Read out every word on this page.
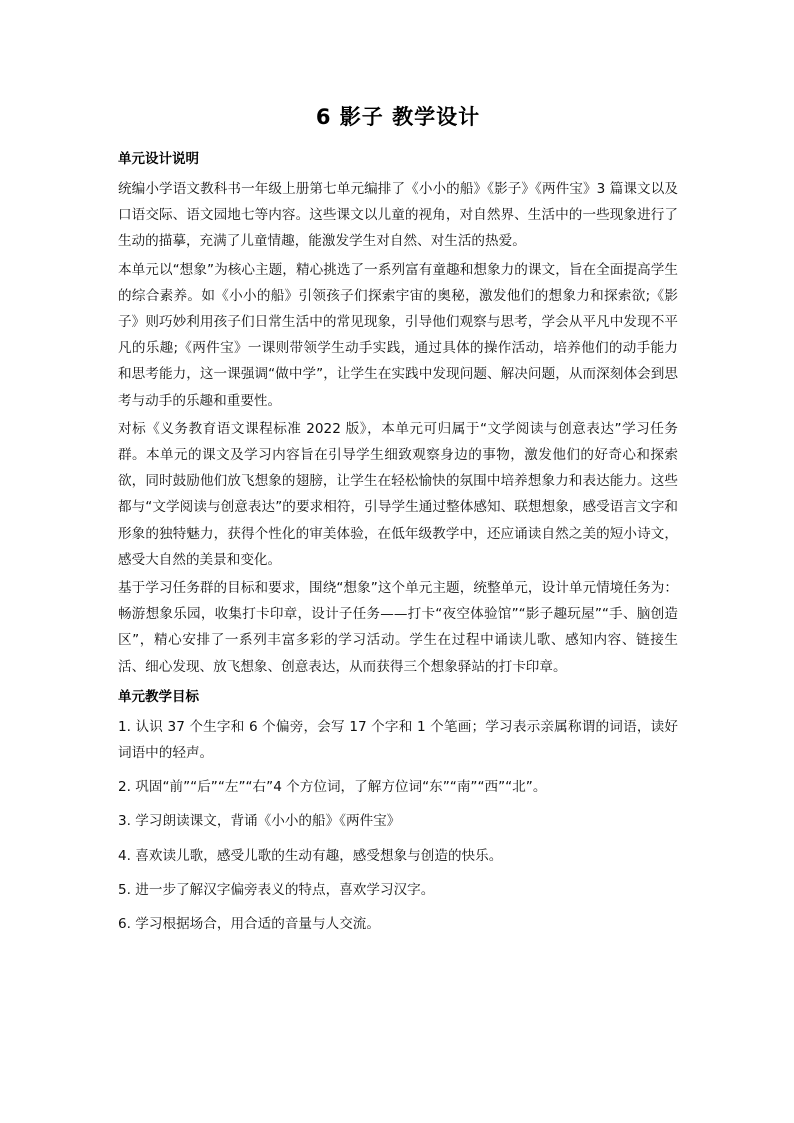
6 影子 教学设计
单元设计说明

统编小学语文教科书一年级上册第七单元编排了《小小的船》《影子》《两件宝》3 篇课文以及口语交际、语文园地七等内容。这些课文以儿童的视角，对自然界、生活中的一些现象进行了生动的描摹，充满了儿童情趣，能激发学生对自然、对生活的热爱。

本单元以“想象”为核心主题，精心挑选了一系列富有童趣和想象力的课文，旨在全面提高学生的综合素养。如《小小的船》引领孩子们探索宇宙的奥秘，激发他们的想象力和探索欲;《影子》则巧妙利用孩子们日常生活中的常见现象，引导他们观察与思考，学会从平凡中发现不平凡的乐趣;《两件宝》一课则带领学生动手实践，通过具体的操作活动，培养他们的动手能力和思考能力，这一课强调“做中学”，让学生在实践中发现问题、解决问题，从而深刻体会到思考与动手的乐趣和重要性。

对标《义务教育语文课程标准 2022 版》，本单元可归属于“文学阅读与创意表达”学习任务群。本单元的课文及学习内容旨在引导学生细致观察身边的事物，激发他们的好奇心和探索欲，同时鼓励他们放飞想象的翅膀，让学生在轻松愉快的氛围中培养想象力和表达能力。这些都与“文学阅读与创意表达”的要求相符，引导学生通过整体感知、联想想象，感受语言文字和形象的独特魅力，获得个性化的审美体验，在低年级教学中，还应诵读自然之美的短小诗文，感受大自然的美景和变化。

基于学习任务群的目标和要求，围绕“想象”这个单元主题，统整单元，设计单元情境任务为：畅游想象乐园，收集打卡印章，设计子任务——打卡“夜空体验馆”“影子趣玩屋”“手、脑创造区”，精心安排了一系列丰富多彩的学习活动。学生在过程中诵读儿歌、感知内容、链接生活、细心发现、放飞想象、创意表达，从而获得三个想象驿站的打卡印章。

单元教学目标

1. 认识 37 个生字和 6 个偏旁，会写 17 个字和 1 个笔画；学习表示亲属称谓的词语，读好词语中的轻声。

2. 巩固“前”“后”“左”“右”4 个方位词，了解方位词“东”“南”“西”“北”。

3. 学习朗读课文，背诵《小小的船》《两件宝》

4. 喜欢读儿歌，感受儿歌的生动有趣，感受想象与创造的快乐。

5. 进一步了解汉字偏旁表义的特点，喜欢学习汉字。

6. 学习根据场合，用合适的音量与人交流。
